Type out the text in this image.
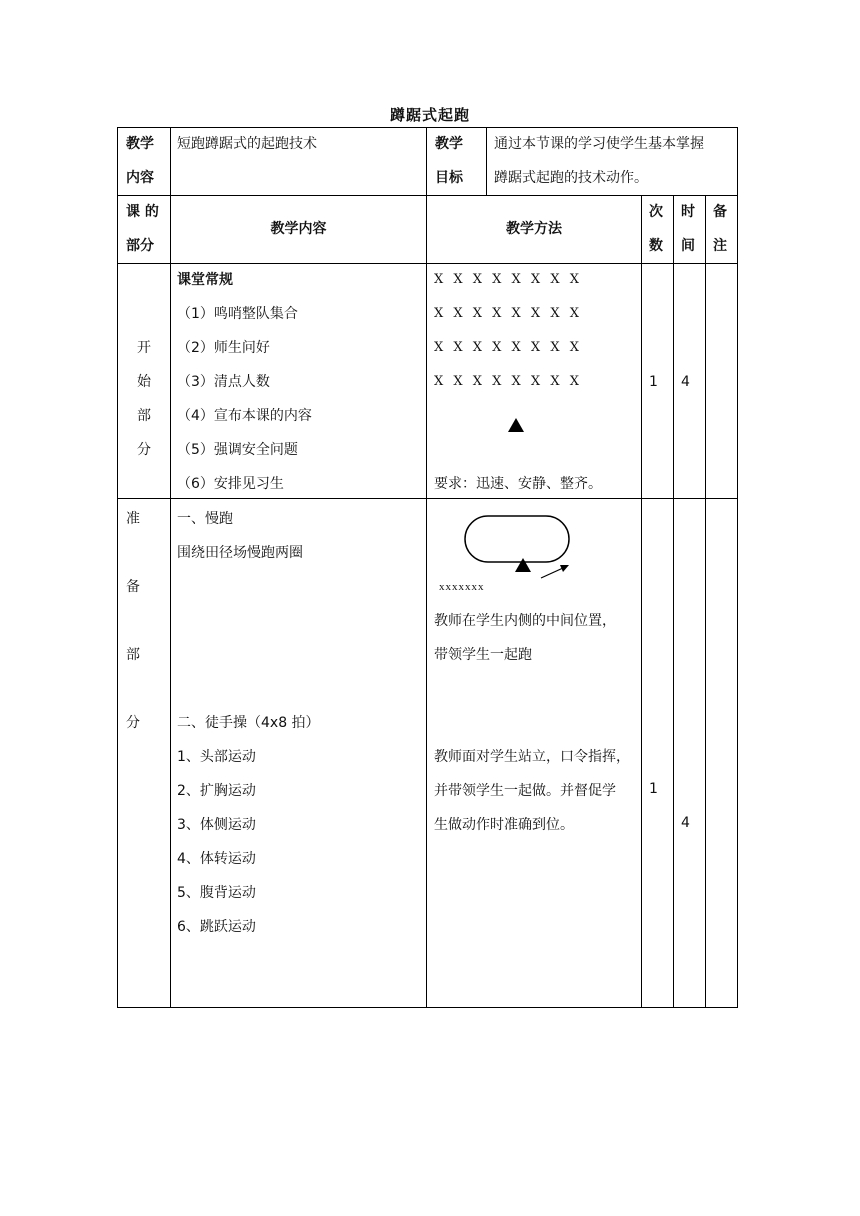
蹲踞式起跑
教学
内容
短跑蹲踞式的起跑技术	教学
目标
通过本节课的学习使学生基本掌握
蹲踞式起跑的技术动作。
课 的
部分
教学内容	教学方法
次
数
时
间
备
注
开
始
部
分
课堂常规
（1）鸣哨整队集合
（2）师生问好
（3）清点人数
（4）宣布本课的内容
（5）强调安全问题
（6）安排见习生
X X X X X X X X
X X X X X X X X
X X X X X X X X
X X X X X X X X
要求：迅速、安静、整齐。
1 4
准
备
部
分
一、慢跑
围绕田径场慢跑两圈
二、徒手操（4x8 拍）
1、头部运动
2、扩胸运动
3、体侧运动
4、体转运动
5、腹背运动
6、跳跃运动
xxxxxxx
教师在学生内侧的中间位置，
带领学生一起跑
教师面对学生站立，口令指挥，
并带领学生一起做。并督促学
生做动作时准确到位。
1
4
